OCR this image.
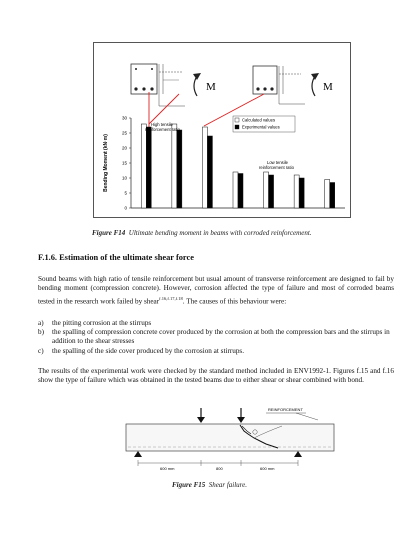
M	M
0
5
10
15
20
25
30
Bending Moment (kN·m)
Calculated values
Experimental values
High tensile
reinforcement ratio
Low tensile
reinforcement ratio
Figure F14 Ultimate bending moment in beams with corroded reinforcement.
F.1.6. Estimation of the ultimate shear force
Sound beams with high ratio of tensile reinforcement but usual amount of transverse reinforcement are designed to fail by bending moment (compression concrete). However, corrosion affected the type of failure and most of corroded beams tested in the research work failed by shear$^{f.16,f.17,f.18}$. The causes of this behaviour were:
a) the pitting corrosion at the stirrups
b) the spalling of compression concrete cover produced by the corrosion at both the compression bars and the stirrups in addition to the shear stresses
c) the spalling of the side cover produced by the corrosion at stirrups.
The results of the experimental work were checked by the standard method included in ENV1992-1. Figures f.15 and f.16 show the type of failure which was obtained in the tested beams due to either shear or shear combined with bond.
REINFORCEMENT
600 mm	800	600 mm
Figure F15 Shear failure.
